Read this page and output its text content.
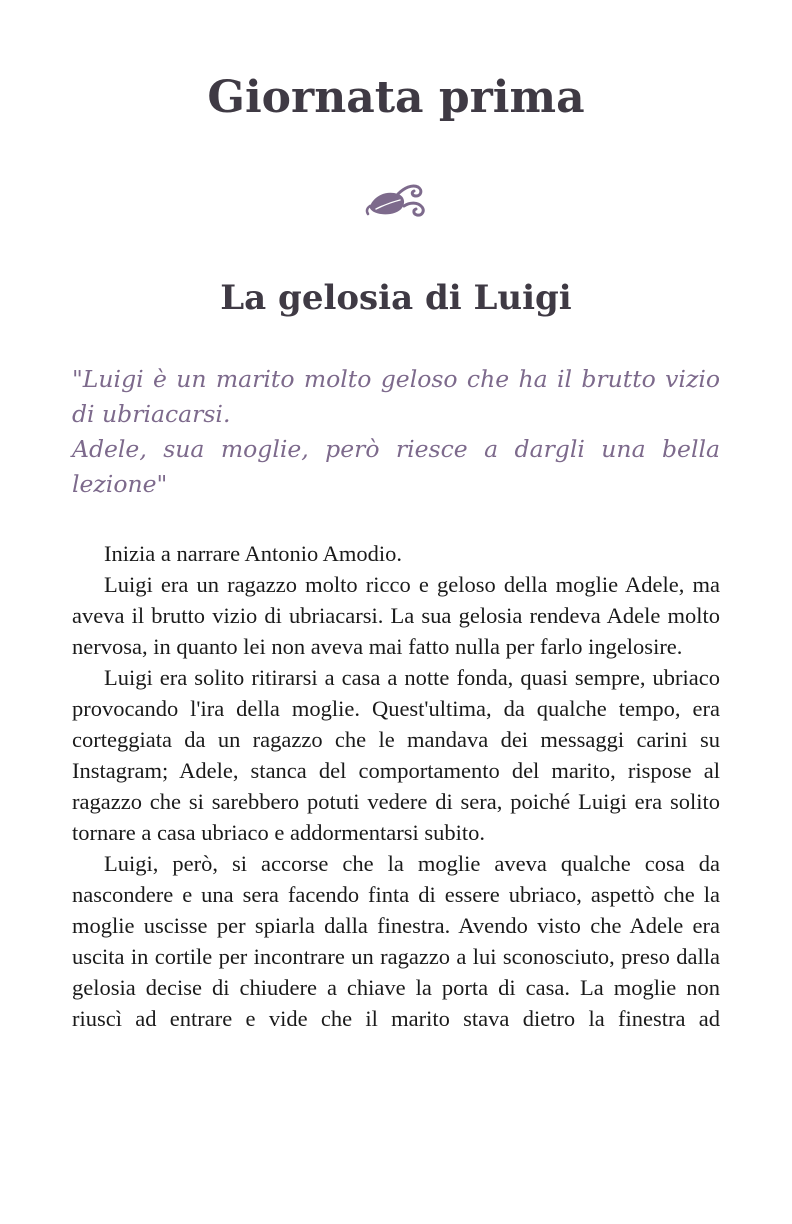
Giornata prima
La gelosia di Luigi
"Luigi è un marito molto geloso che ha il brutto vizio di ubriacarsi.
Adele, sua moglie, però riesce a dargli una bella lezione"

Inizia a narrare Antonio Amodio.

Luigi era un ragazzo molto ricco e geloso della moglie Adele, ma aveva il brutto vizio di ubriacarsi. La sua gelosia rendeva Adele molto nervosa, in quanto lei non aveva mai fatto nulla per farlo ingelosire.

Luigi era solito ritirarsi a casa a notte fonda, quasi sempre, ubriaco provocando l'ira della moglie. Quest'ultima, da qualche tempo, era corteggiata da un ragazzo che le mandava dei messaggi carini su Instagram; Adele, stanca del comportamento del marito, rispose al ragazzo che si sarebbero potuti vedere di sera, poiché Luigi era solito tornare a casa ubriaco e addormentarsi subito.

Luigi, però, si accorse che la moglie aveva qualche cosa da nascondere e una sera facendo finta di essere ubriaco, aspettò che la moglie uscisse per spiarla dalla finestra. Avendo visto che Adele era uscita in cortile per incontrare un ragazzo a lui sconosciuto, preso dalla gelosia decise di chiudere a chiave la porta di casa. La moglie non riuscì ad entrare e vide che il marito stava dietro la finestra ad
